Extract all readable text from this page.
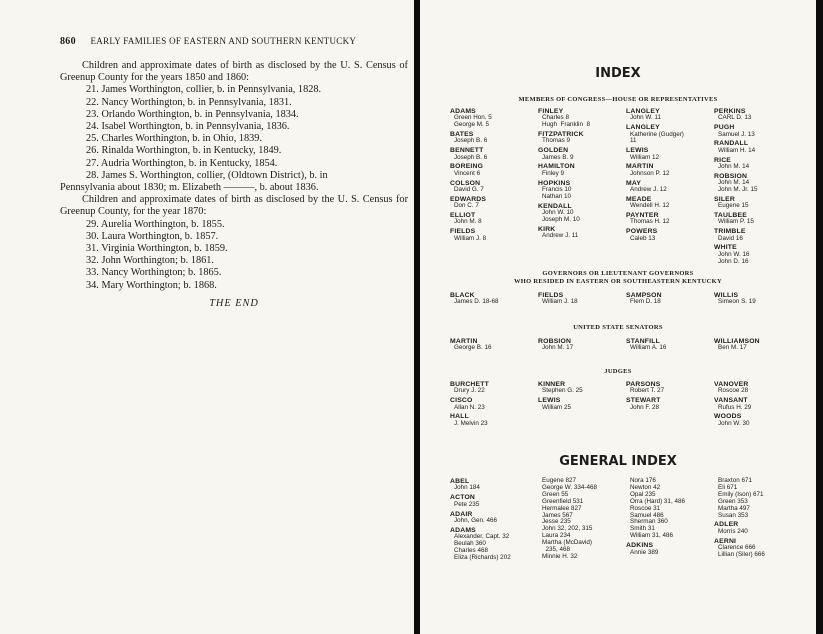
860 EARLY FAMILIES OF EASTERN AND SOUTHERN KENTUCKY

Children and approximate dates of birth as disclosed by the U. S. Census of Greenup County for the years 1850 and 1860:

21. James Worthington, collier, b. in Pennsylvania, 1828.

22. Nancy Worthington, b. in Pennsylvania, 1831.

23. Orlando Worthington, b. in Pennsylvania, 1834.

24. Isabel Worthington, b. in Pennsylvania, 1836.

25. Charles Worthington, b. in Ohio, 1839.

26. Rinalda Worthington, b. in Kentucky, 1849.

27. Audria Worthington, b. in Kentucky, 1854.

28. James S. Worthington, collier, (Oldtown District), b. in

Pennsylvania about 1830; m. Elizabeth ———, b. about 1836.

Children and approximate dates of birth as disclosed by the U. S. Census for Greenup County, for the year 1870:

29. Aurelia Worthington, b. 1855.

30. Laura Worthington, b. 1857.

31. Virginia Worthington, b. 1859.

32. John Worthington; b. 1861.

33. Nancy Worthington; b. 1865.

34. Mary Worthington; b. 1868.

THE END

INDEX
MEMBERS OF CONGRESS—HOUSE OR REPRESENTATIVES
ADAMS
Green Hon. 5
George M. 5
BATES
Joseph B. 6
BENNETT
Joseph B. 6
BOREING
Vincent 6
COLSON
David G. 7
EDWARDS
Don C. 7
ELLIOT
John M. 8
FIELDS
William J. 8
FINLEY
Charles 8
Hugh  Franklin  8
FITZPATRICK
Thomas 9
GOLDEN
James B. 9
HAMILTON
Finley 9
HOPKINS
Francis 10
Nathan 10
KENDALL
John W. 10
Joseph M. 10
KIRK
Andrew J. 11
LANGLEY
John W. 11
LANGLEY
Katherine (Gudger)
11
LEWIS
William 12
MARTIN
Johnson P. 12
MAY
Andrew J. 12
MEADE
Wendell H. 12
PAYNTER
Thomas H. 12
POWERS
Caleb 13
PERKINS
CARL D. 13
PUGH
Samuel J. 13
RANDALL
William H. 14
RICE
John M. 14
ROBSION
John M. 14
John M. Jr. 15
SILER
Eugene 15
TAULBEE
William P. 15
TRIMBLE
David 16
WHITE
John W. 16
John D. 16
GOVERNORS OR LIEUTENANT GOVERNORS
WHO RESIDED IN EASTERN OR SOUTHEASTERN KENTUCKY
BLACK
James D. 18-68
FIELDS
William J. 18
SAMPSON
Flem D. 18
WILLIS
Simeon S. 19
UNITED STATE SENATORS
MARTIN
George B. 16
ROBSION
John M. 17
STANFILL
William A. 16
WILLIAMSON
Ben M. 17
JUDGES
BURCHETT
Drury J. 22
CISCO
Allan N. 23
HALL
J. Melvin 23
KINNER
Stephen G. 25
LEWIS
William 25
PARSONS
Robert T. 27
STEWART
John F. 28
VANOVER
Roscoe 28
VANSANT
Rufus H. 29
WOODS
John W. 30
GENERAL INDEX
ABEL
John 184
ACTON
Pete 235
ADAIR
John, Gen. 466
ADAMS
Alexander, Capt. 32
Beulah 360
Charles 468
Eliza (Richards) 202
Eugene 827
George W. 334-468
Green 55
Greenfield 531
Hermalee 827
James 567
Jesse 235
John 32, 202, 315
Laura 234
Martha (McDavid)
235, 468
Minnie H. 32
Nora 176
Newton 42
Opal 235
Orra (Hard) 31, 486
Roscoe 31
Samuel 486
Sherman 360
Smith 31
William 31, 486
ADKINS
Annie 389
Braxton 671
Eli 671
Emily (Ison) 671
Green 353
Martha 497
Susan 353
ADLER
Morris 240
AERNI
Clarence 666
Lillian (Siler) 666
